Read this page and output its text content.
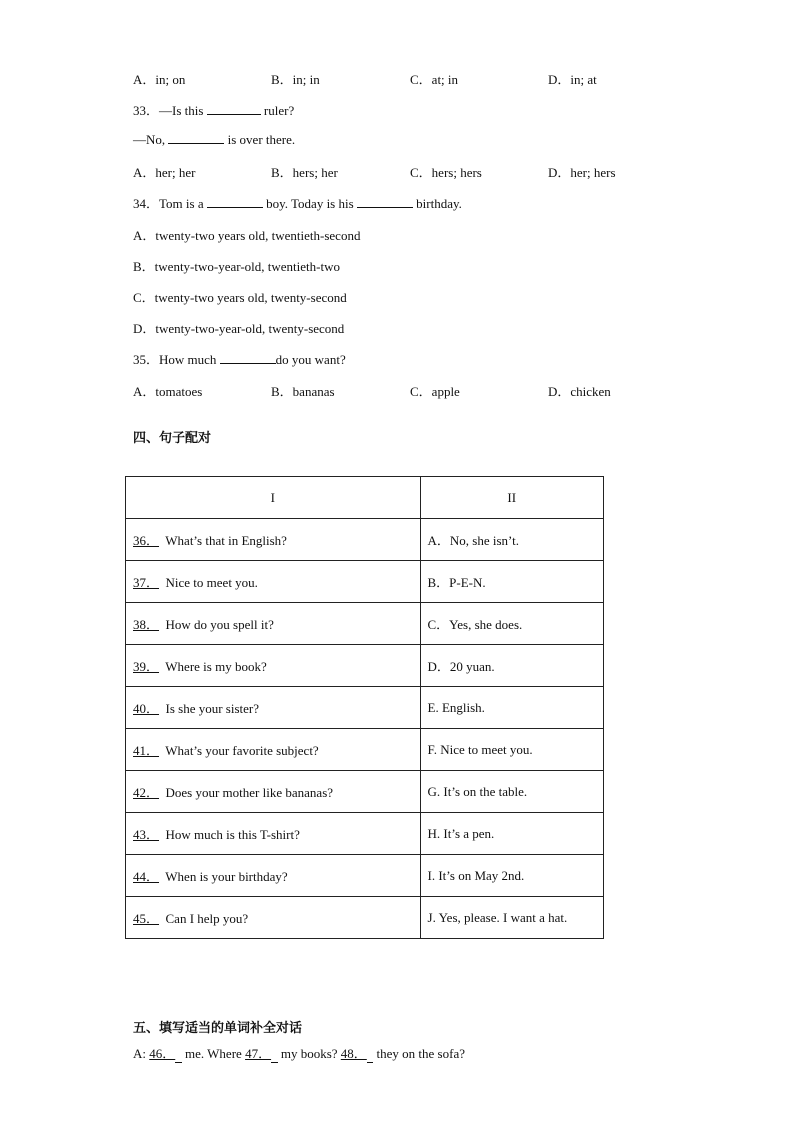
A．in; on	B．in; in	C．at; in	D．in; at
33．—Is this	ruler?
—No,	is over there.
A．her; her	B．hers; her	C．hers; hers	D．her; hers
34．Tom is a	boy. Today is his	birthday.
A．twenty-two years old, twentieth-second
B．twenty-two-year-old, twentieth-two
C．twenty-two years old, twenty-second
D．twenty-two-year-old, twenty-second
35．How much	do you want?
A．tomatoes	B．bananas	C．apple	D．chicken
四、句子配对
I	II
36． What’s that in English?	A．No, she isn’t.
37． Nice to meet you.	B．P-E-N.
38． How do you spell it?	C．Yes, she does.
39． Where is my book?	D．20 yuan.
40． Is she your sister?	E. English.
41． What’s your favorite subject?	F. Nice to meet you.
42． Does your mother like bananas?	G. It’s on the table.
43． How much is this T-shirt?	H. It’s a pen.
44． When is your birthday?	I. It’s on May 2nd.
45． Can I help you?	J. Yes, please. I want a hat.
五、填写适当的单词补全对话
A: 46． me. Where 47． my books? 48． they on the sofa?
